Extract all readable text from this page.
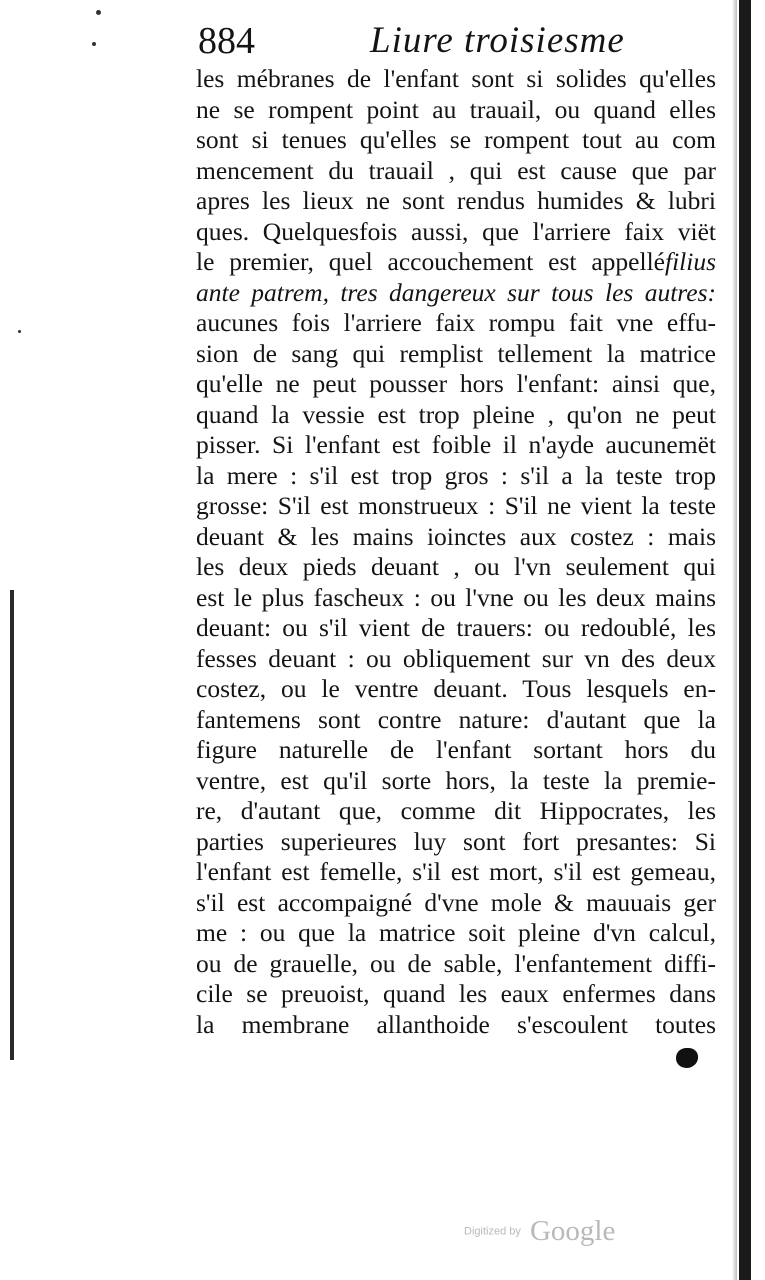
884	Liure troisiesme
les mébranes de l'enfant sont si solides qu'elles
ne se rompent point au trauail, ou quand elles
sont si tenues qu'elles se rompent tout au com
mencement du trauail , qui est cause que par
apres les lieux ne sont rendus humides & lubri
ques. Quelquesfois aussi, que l'arriere faix viët
le premier, quel accouchement est appelléfilius
ante patrem, tres dangereux sur tous les autres:
aucunes fois l'arriere faix rompu fait vne effu-
sion de sang qui remplist tellement la matrice
qu'elle ne peut pousser hors l'enfant: ainsi que,
quand la vessie est trop pleine , qu'on ne peut
pisser. Si l'enfant est foible il n'ayde aucunemët
la mere : s'il est trop gros : s'il a la teste trop
grosse: S'il est monstrueux : S'il ne vient la teste
deuant & les mains ioinctes aux costez : mais
les deux pieds deuant , ou l'vn seulement qui
est le plus fascheux : ou l'vne ou les deux mains
deuant: ou s'il vient de trauers: ou redoublé, les
fesses deuant : ou obliquement sur vn des deux
costez, ou le ventre deuant. Tous lesquels en-
fantemens sont contre nature: d'autant que la
figure naturelle de l'enfant sortant hors du
ventre, est qu'il sorte hors, la teste la premie-
re, d'autant que, comme dit Hippocrates, les
parties superieures luy sont fort presantes: Si
l'enfant est femelle, s'il est mort, s'il est gemeau,
s'il est accompaigné d'vne mole & mauuais ger
me : ou que la matrice soit pleine d'vn calcul,
ou de grauelle, ou de sable, l'enfantement diffi-
cile se preuoist, quand les eaux enfermes dans
la membrane allanthoide s'escoulent toutes
Digitized by Google
